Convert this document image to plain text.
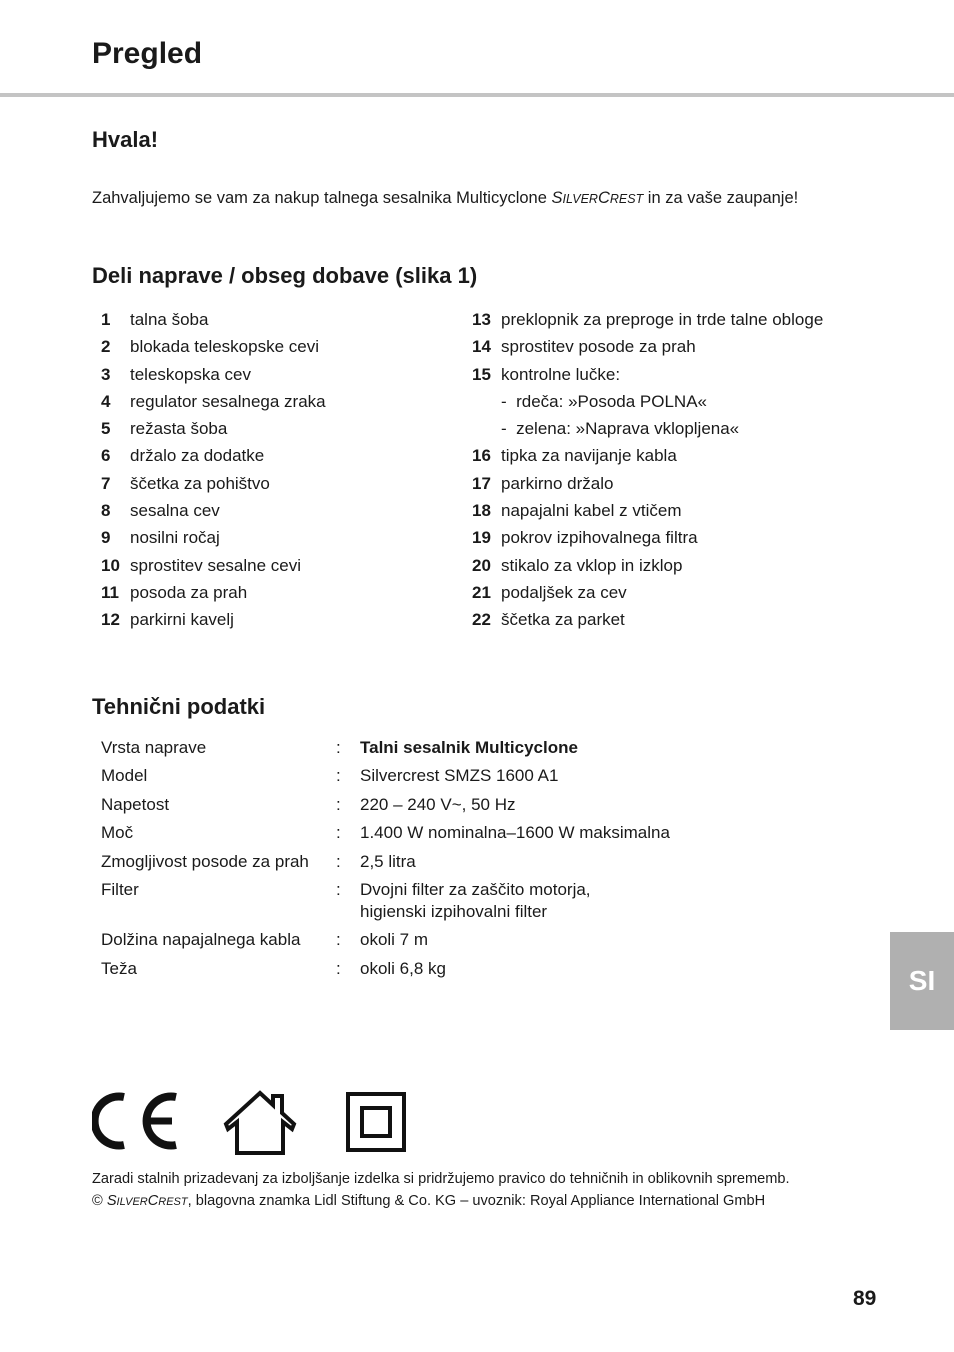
Pregled
Hvala!
Zahvaljujemo se vam za nakup talnega sesalnika Multicyclone SILVERCREST in za vaše zaupanje!
Deli naprave / obseg dobave (slika 1)
1	talna šoba
2	blokada teleskopske cevi
3	teleskopska cev
4	regulator sesalnega zraka
5	režasta šoba
6	držalo za dodatke
7	ščetka za pohištvo
8	sesalna cev
9	nosilni ročaj
10 sprostitev sesalne cevi
11 posoda za prah
12 parkirni kavelj
13 preklopnik za preproge in trde talne obloge
14 sprostitev posode za prah
15 kontrolne lučke:
-  rdeča: »Posoda POLNA«
-  zelena: »Naprava vklopljena«
16 tipka za navijanje kabla
17 parkirno držalo
18 napajalni kabel z vtičem
19 pokrov izpihovalnega filtra
20 stikalo za vklop in izklop
21 podaljšek za cev
22 ščetka za parket
Tehnični podatki
Vrsta naprave	:	Talni sesalnik Multicyclone
Model	:	Silvercrest SMZS 1600 A1
Napetost	:	220 – 240 V~, 50 Hz
Moč	:	1.400 W nominalna–1600 W maksimalna
Zmogljivost posode za prah	:	2,5 litra
Filter	:	Dvojni filter za zaščito motorja,
higienski izpihovalni filter
Dolžina napajalnega kabla	:	okoli 7 m
Teža	:	okoli 6,8 kg	SI
Zaradi stalnih prizadevanj za izboljšanje izdelka si pridržujemo pravico do tehničnih in oblikovnih sprememb.
© SILVERCREST, blagovna znamka Lidl Stiftung & Co. KG – uvoznik: Royal Appliance International GmbH
89
